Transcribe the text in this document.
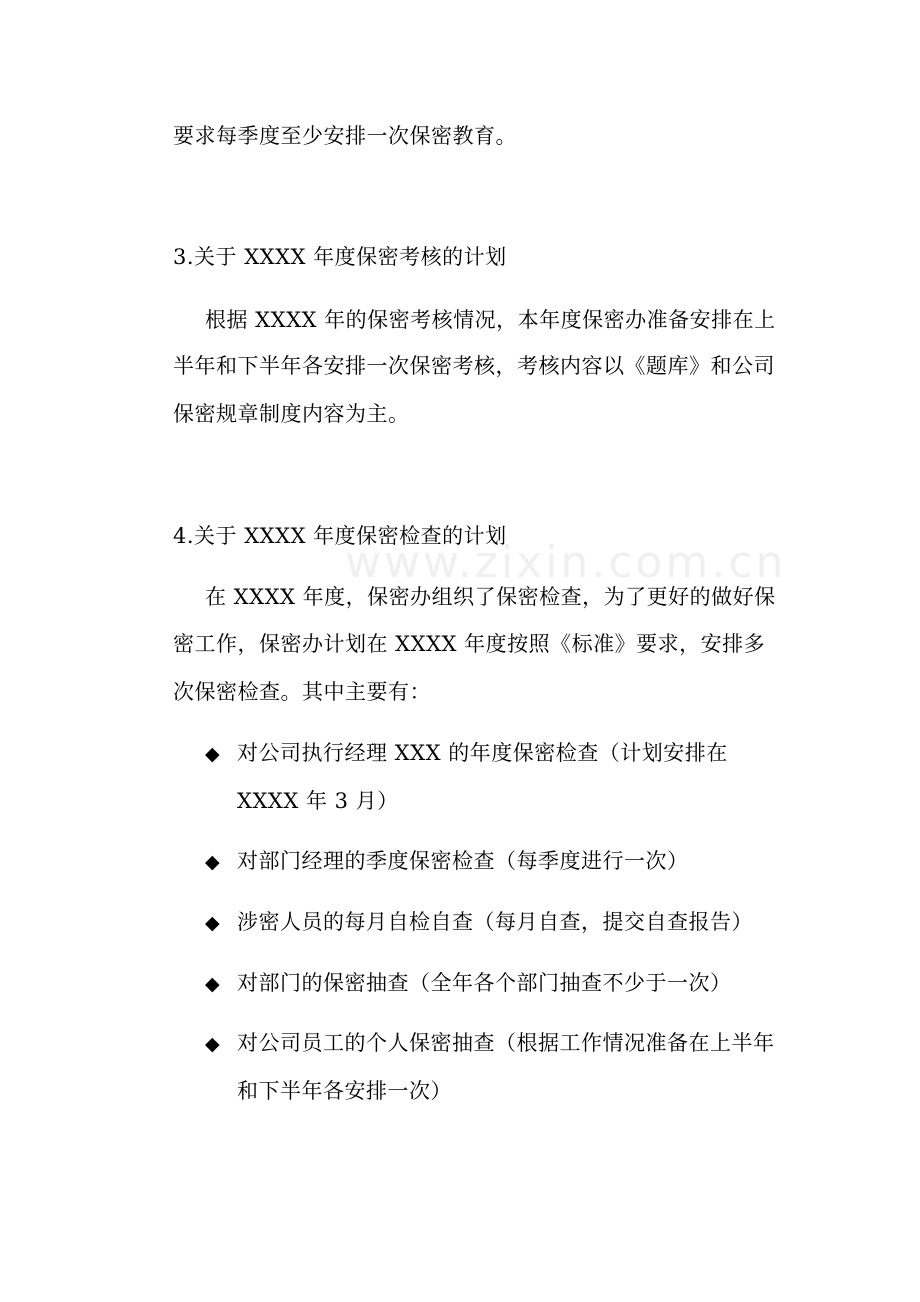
要求每季度至少安排一次保密教育。
3.关于 XXXX 年度保密考核的计划
根据 XXXX 年的保密考核情况，本年度保密办准备安排在上
半年和下半年各安排一次保密考核，考核内容以《题库》和公司
保密规章制度内容为主。
4.关于 XXXX 年度保密检查的计划
在 XXXX 年度，保密办组织了保密检查，为了更好的做好保
密工作，保密办计划在 XXXX 年度按照《标准》要求，安排多
次保密检查。其中主要有：
www.zixin.com.cn
◆ 对公司执行经理 XXX 的年度保密检查（计划安排在
XXXX 年 3 月）
◆ 对部门经理的季度保密检查（每季度进行一次）
◆ 涉密人员的每月自检自查（每月自查，提交自查报告）
◆ 对部门的保密抽查（全年各个部门抽查不少于一次）
◆ 对公司员工的个人保密抽查（根据工作情况准备在上半年
和下半年各安排一次）
